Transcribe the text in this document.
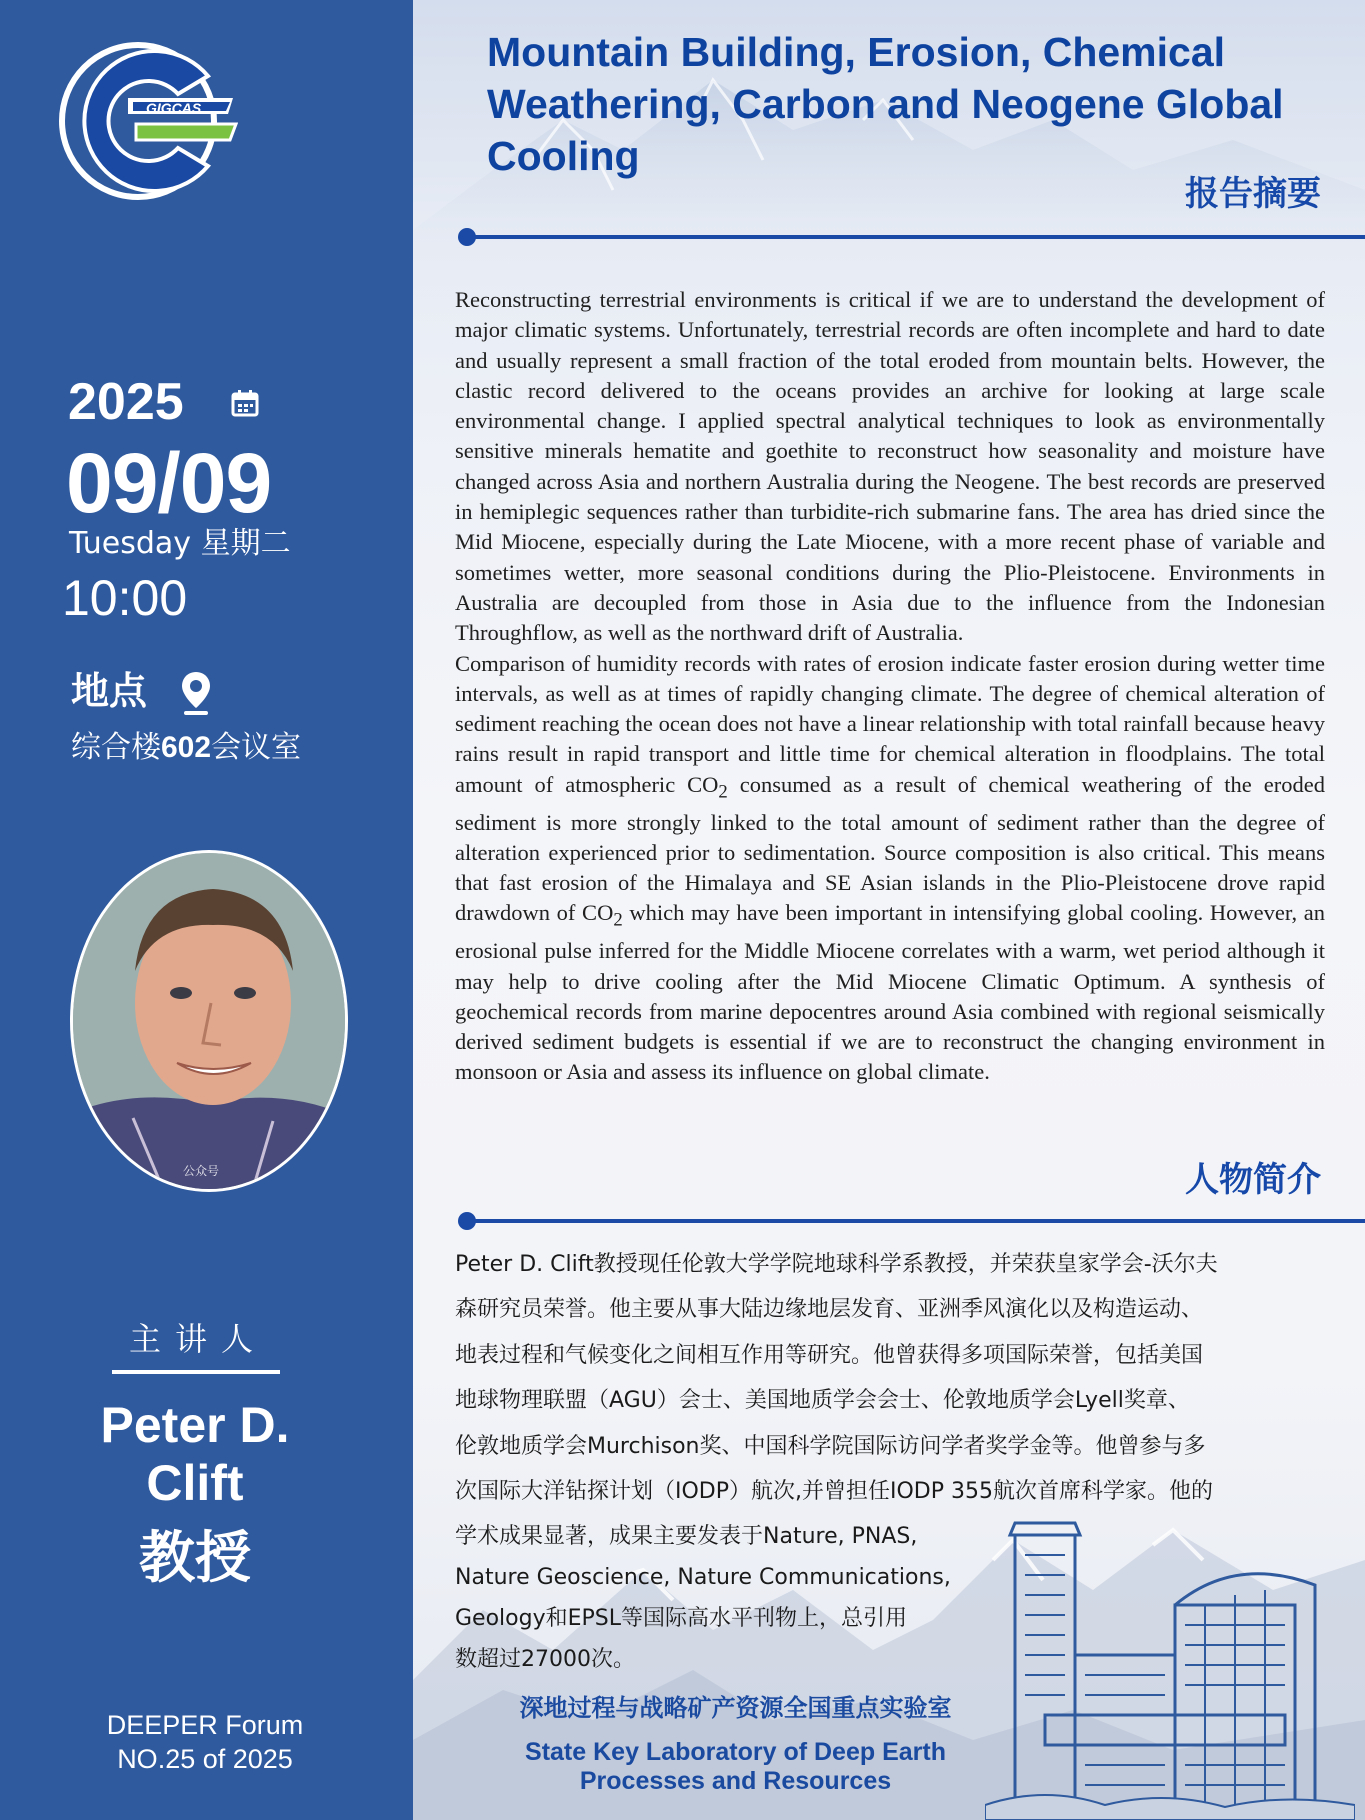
GIGCAS
2025
09/09
Tuesday 星期二
10:00
地点
综合楼602会议室
公众号
主讲人
Peter D. Clift
教授
DEEPER Forum
NO.25 of 2025
Mountain Building, Erosion, Chemical Weathering, Carbon and Neogene Global Cooling
报告摘要

Reconstructing terrestrial environments is critical if we are to understand the development of major climatic systems. Unfortunately, terrestrial records are often incomplete and hard to date and usually represent a small fraction of the total eroded from mountain belts. However, the clastic record delivered to the oceans provides an archive for looking at large scale environmental change. I applied spectral analytical techniques to look as environmentally sensitive minerals hematite and goethite to reconstruct how seasonality and moisture have changed across Asia and northern Australia during the Neogene. The best records are preserved in hemiplegic sequences rather than turbidite-rich submarine fans. The area has dried since the Mid Miocene, especially during the Late Miocene, with a more recent phase of variable and sometimes wetter, more seasonal conditions during the Plio-Pleistocene. Environments in Australia are decoupled from those in Asia due to the influence from the Indonesian Throughflow, as well as the northward drift of Australia.

Comparison of humidity records with rates of erosion indicate faster erosion during wetter time intervals, as well as at times of rapidly changing climate. The degree of chemical alteration of sediment reaching the ocean does not have a linear relationship with total rainfall because heavy rains result in rapid transport and little time for chemical alteration in floodplains. The total amount of atmospheric $CO_2$ consumed as a result of chemical weathering of the eroded sediment is more strongly linked to the total amount of sediment rather than the degree of alteration experienced prior to sedimentation. Source composition is also critical. This means that fast erosion of the Himalaya and SE Asian islands in the Plio-Pleistocene drove rapid drawdown of $CO_2$ which may have been important in intensifying global cooling. However, an erosional pulse inferred for the Middle Miocene correlates with a warm, wet period although it may help to drive cooling after the Mid Miocene Climatic Optimum. A synthesis of geochemical records from marine depocentres around Asia combined with regional seismically derived sediment budgets is essential if we are to reconstruct the changing environment in monsoon or Asia and assess its influence on global climate.

人物简介
Peter D. Clift教授现任伦敦大学学院地球科学系教授，并荣获皇家学会-沃尔夫
森研究员荣誉。他主要从事大陆边缘地层发育、亚洲季风演化以及构造运动、
地表过程和气候变化之间相互作用等研究。他曾获得多项国际荣誉，包括美国
地球物理联盟（AGU）会士、美国地质学会会士、伦敦地质学会Lyell奖章、
伦敦地质学会Murchison奖、中国科学院国际访问学者奖学金等。他曾参与多
次国际大洋钻探计划（IODP）航次,并曾担任IODP 355航次首席科学家。他的
学术成果显著，成果主要发表于Nature, PNAS,
Nature Geoscience, Nature Communications,
Geology和EPSL等国际高水平刊物上，总引用
数超过27000次。
深地过程与战略矿产资源全国重点实验室
State Key Laboratory of Deep Earth
Processes and Resources
